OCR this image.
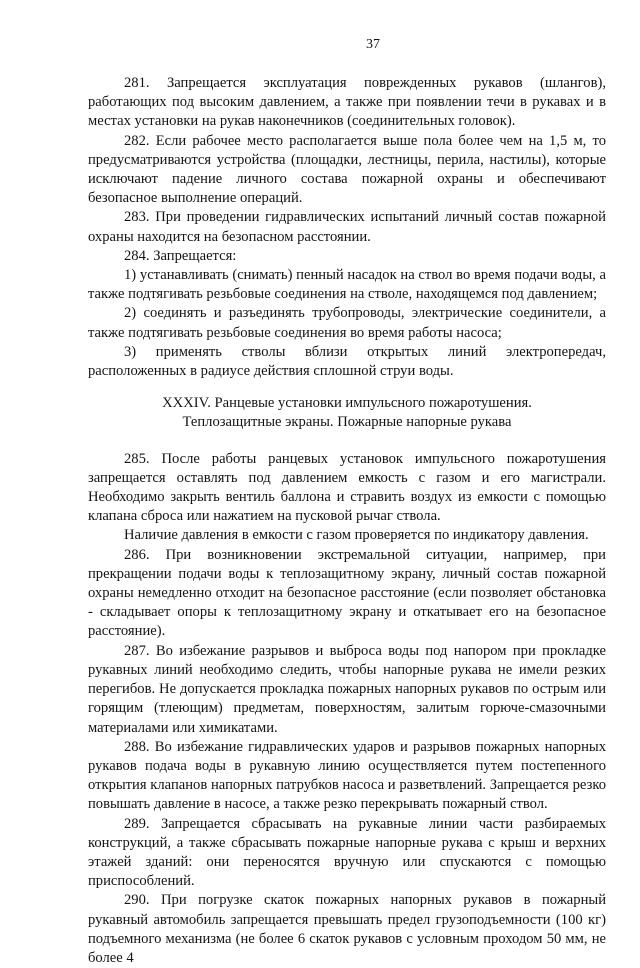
37

281. Запрещается эксплуатация поврежденных рукавов (шлангов), работающих под высоким давлением, а также при появлении течи в рукавах и в местах установки на рукав наконечников (соединительных головок).

282. Если рабочее место располагается выше пола более чем на 1,5 м, то предусматриваются устройства (площадки, лестницы, перила, настилы), которые исключают падение личного состава пожарной охраны и обеспечивают безопасное выполнение операций.

283. При проведении гидравлических испытаний личный состав пожарной охраны находится на безопасном расстоянии.

284. Запрещается:

1) устанавливать (снимать) пенный насадок на ствол во время подачи воды, а также подтягивать резьбовые соединения на стволе, находящемся под давлением;

2) соединять и разъединять трубопроводы, электрические соединители, а также подтягивать резьбовые соединения во время работы насоса;

3) применять стволы вблизи открытых линий электропередач, расположенных в радиусе действия сплошной струи воды.

XXXIV. Ранцевые установки импульсного пожаротушения.
Теплозащитные экраны. Пожарные напорные рукава

285. После работы ранцевых установок импульсного пожаротушения запрещается оставлять под давлением емкость с газом и его магистрали. Необходимо закрыть вентиль баллона и стравить воздух из емкости с помощью клапана сброса или нажатием на пусковой рычаг ствола.

Наличие давления в емкости с газом проверяется по индикатору давления.

286. При возникновении экстремальной ситуации, например, при прекращении подачи воды к теплозащитному экрану, личный состав пожарной охраны немедленно отходит на безопасное расстояние (если позволяет обстановка - складывает опоры к теплозащитному экрану и откатывает его на безопасное расстояние).

287. Во избежание разрывов и выброса воды под напором при прокладке рукавных линий необходимо следить, чтобы напорные рукава не имели резких перегибов. Не допускается прокладка пожарных напорных рукавов по острым или горящим (тлеющим) предметам, поверхностям, залитым горюче-смазочными материалами или химикатами.

288. Во избежание гидравлических ударов и разрывов пожарных напорных рукавов подача воды в рукавную линию осуществляется путем постепенного открытия клапанов напорных патрубков насоса и разветвлений. Запрещается резко повышать давление в насосе, а также резко перекрывать пожарный ствол.

289. Запрещается сбрасывать на рукавные линии части разбираемых конструкций, а также сбрасывать пожарные напорные рукава с крыш и верхних этажей зданий: они переносятся вручную или спускаются с помощью приспособлений.

290. При погрузке скаток пожарных напорных рукавов в пожарный рукавный автомобиль запрещается превышать предел грузоподъемности (100 кг) подъемного механизма (не более 6 скаток рукавов с условным проходом 50 мм, не более 4
